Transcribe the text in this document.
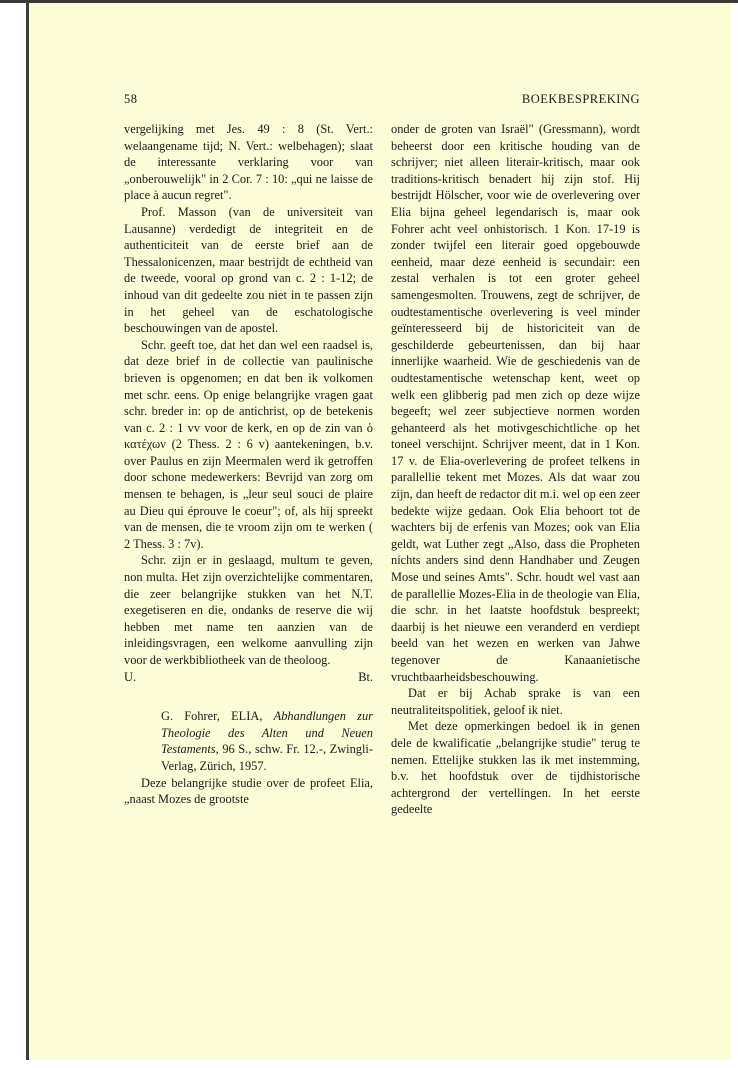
58	BOEKBESPREKING

vergelijking met Jes. 49 : 8 (St. Vert.: welaangename tijd; N. Vert.: welbehagen); slaat de interessante verklaring voor van „onberouwelijk" in 2 Cor. 7 : 10: „qui ne laisse de place à aucun regret".

Prof. Masson (van de universiteit van Lausanne) verdedigt de integriteit en de authenticiteit van de eerste brief aan de Thessalonicenzen, maar bestrijdt de echtheid van de tweede, vooral op grond van c. 2 : 1-12; de inhoud van dit gedeelte zou niet in te passen zijn in het geheel van de eschatologische beschouwingen van de apostel.

Schr. geeft toe, dat het dan wel een raadsel is, dat deze brief in de collectie van paulinische brieven is opgenomen; en dat ben ik volkomen met schr. eens. Op enige belangrijke vragen gaat schr. breder in: op de antichrist, op de betekenis van c. 2 : 1 vv voor de kerk, en op de zin van ὁ κατέχων (2 Thess. 2 : 6 v) aantekeningen, b.v. over Paulus en zijn Meermalen werd ik getroffen door schone medewerkers: Bevrijd van zorg om mensen te behagen, is „leur seul souci de plaire au Dieu qui éprouve le coeur"; of, als hij spreekt van de mensen, die te vroom zijn om te werken ( 2 Thess. 3 : 7v).

Schr. zijn er in geslaagd, multum te geven, non multa. Het zijn overzichtelijke commentaren, die zeer belangrijke stukken van het N.T. exegetiseren en die, ondanks de reserve die wij hebben met name ten aanzien van de inleidingsvragen, een welkome aanvulling zijn voor de werkbibliotheek van de theoloog.

U.	Bt.

G. Fohrer, ELIA, Abhandlungen zur Theologie des Alten und Neuen Testaments, 96 S., schw. Fr. 12.-, Zwingli-Verlag, Zürich, 1957.

Deze belangrijke studie over de profeet Elia, „naast Mozes de grootste

onder de groten van Israël" (Gressmann), wordt beheerst door een kritische houding van de schrijver; niet alleen literair-kritisch, maar ook traditions-kritisch benadert hij zijn stof. Hij bestrijdt Hölscher, voor wie de overlevering over Elia bijna geheel legendarisch is, maar ook Fohrer acht veel onhistorisch. 1 Kon. 17-19 is zonder twijfel een literair goed opgebouwde eenheid, maar deze eenheid is secundair: een zestal verhalen is tot een groter geheel samengesmolten. Trouwens, zegt de schrijver, de oudtestamentische overlevering is veel minder geïnteresseerd bij de historiciteit van de geschilderde gebeurtenissen, dan bij haar innerlijke waarheid. Wie de geschiedenis van de oudtestamentische wetenschap kent, weet op welk een glibberig pad men zich op deze wijze begeeft; wel zeer subjectieve normen worden gehanteerd als het motivgeschichtliche op het toneel verschijnt. Schrijver meent, dat in 1 Kon. 17 v. de Elia-overlevering de profeet telkens in parallellie tekent met Mozes. Als dat waar zou zijn, dan heeft de redactor dit m.i. wel op een zeer bedekte wijze gedaan. Ook Elia behoort tot de wachters bij de erfenis van Mozes; ook van Elia geldt, wat Luther zegt „Also, dass die Propheten nichts anders sind denn Handhaber und Zeugen Mose und seines Amts". Schr. houdt wel vast aan de parallellie Mozes-Elia in de theologie van Elia, die schr. in het laatste hoofdstuk bespreekt; daarbij is het nieuwe een veranderd en verdiept beeld van het wezen en werken van Jahwe tegenover de Kanaanietische vruchtbaarheidsbeschouwing.

Dat er bij Achab sprake is van een neutraliteitspolitiek, geloof ik niet.

Met deze opmerkingen bedoel ik in genen dele de kwalificatie „belangrijke studie" terug te nemen. Ettelijke stukken las ik met instemming, b.v. het hoofdstuk over de tijdhistorische achtergrond der vertellingen. In het eerste gedeelte
